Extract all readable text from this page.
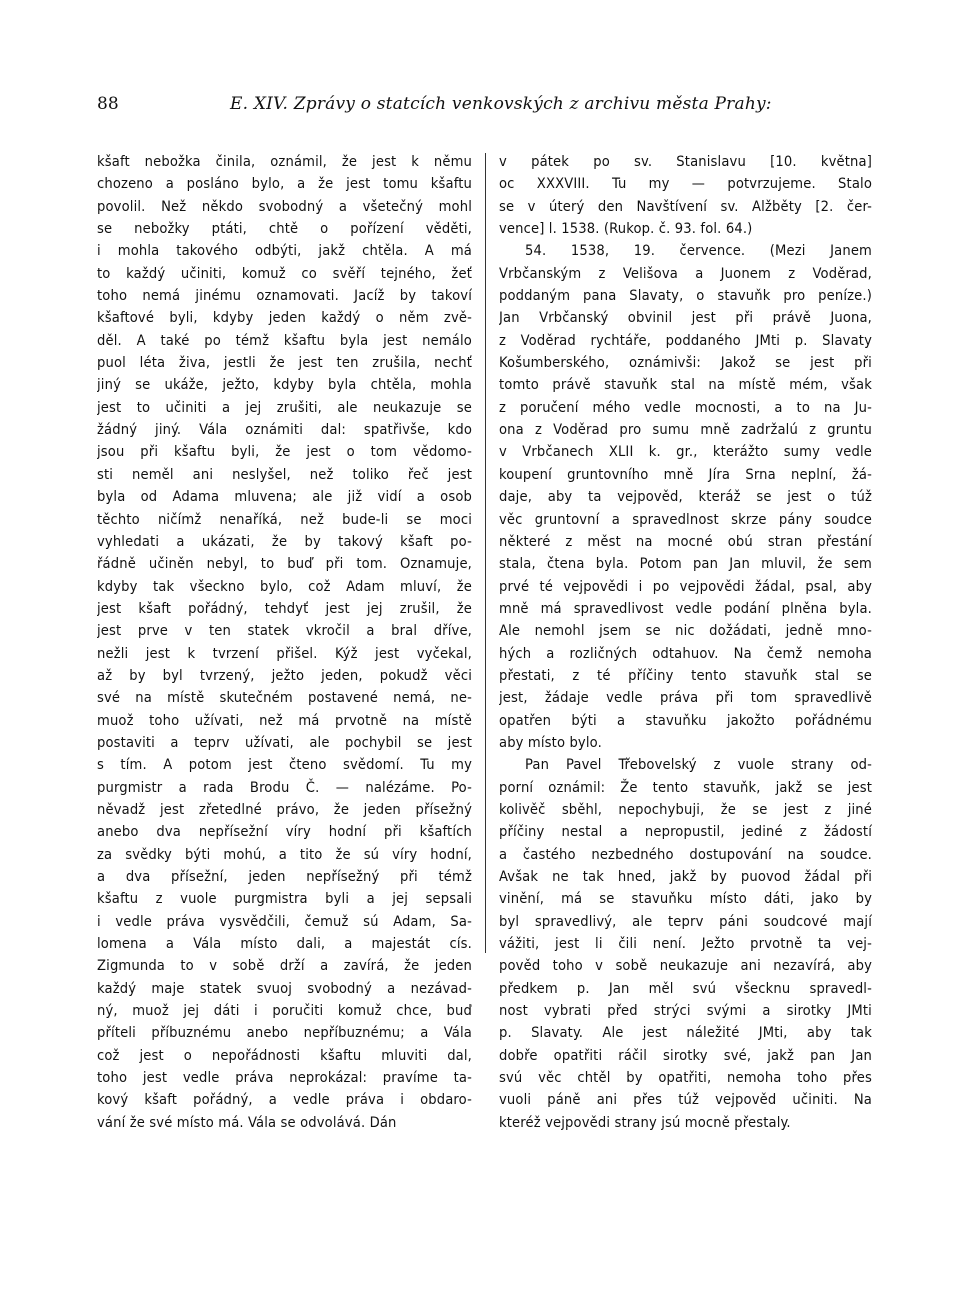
88	E. XIV. Zprávy o statcích venkovských z archivu města Prahy:
kšaft nebožka činila, oznámil, že jest k němu
chozeno a posláno bylo, a že jest tomu kšaftu
povolil. Než někdo svobodný a všetečný mohl
se nebožky ptáti, chtě o pořízení věděti,
i mohla takového odbýti, jakž chtěla. A má
to každý učiniti, komuž co svěří tejného, žeť
toho nemá jinému oznamovati. Jacíž by takoví
kšaftové byli, kdyby jeden každý o něm zvě-
děl. A také po témž kšaftu byla jest nemálo
puol léta živa, jestli že jest ten zrušila, nechť
jiný se ukáže, ježto, kdyby byla chtěla, mohla
jest to učiniti a jej zrušiti, ale neukazuje se
žádný jiný. Vála oznámiti dal: spatřivše, kdo
jsou při kšaftu byli, že jest o tom vědomo-
sti neměl ani neslyšel, než toliko řeč jest
byla od Adama mluvena; ale již vidí a osob
těchto ničímž nenaříká, než bude-li se moci
vyhledati a ukázati, že by takový kšaft po-
řádně učiněn nebyl, to buď při tom. Oznamuje,
kdyby tak všeckno bylo, což Adam mluví, že
jest kšaft pořádný, tehdyť jest jej zrušil, že
jest prve v ten statek vkročil a bral dříve,
nežli jest k tvrzení přišel. Kýž jest vyčekal,
až by byl tvrzený, ježto jeden, pokudž věci
své na místě skutečném postavené nemá, ne-
muož toho užívati, než má prvotně na místě
postaviti a teprv užívati, ale pochybil se jest
s tím. A potom jest čteno svědomí. Tu my
purgmistr a rada Brodu Č. — nalézáme. Po-
něvadž jest zřetedlné právo, že jeden přísežný
anebo dva nepřísežní víry hodní při kšaftích
za svědky býti mohú, a tito že sú víry hodní,
a dva přísežní, jeden nepřísežný při témž
kšaftu z vuole purgmistra byli a jej sepsali
i vedle práva vysvědčili, čemuž sú Adam, Sa-
lomena a Vála místo dali, a majestát cís.
Zigmunda to v sobě drží a zavírá, že jeden
každý maje statek svuoj svobodný a nezávad-
ný, muož jej dáti i poručiti komuž chce, buď
příteli příbuznému anebo nepříbuznému; a Vála
což jest o nepořádnosti kšaftu mluviti dal,
toho jest vedle práva neprokázal: pravíme ta-
kový kšaft pořádný, a vedle práva i obdaro-
vání že své místo má. Vála se odvolává. Dán
v pátek po sv. Stanislavu [10. května]
oc XXXVIII. Tu my — potvrzujeme. Stalo
se v úterý den Navštívení sv. Alžběty [2. čer-
vence] l. 1538. (Rukop. č. 93. fol. 64.)
54. 1538, 19. července. (Mezi Janem
Vrbčanským z Velišova a Juonem z Voděrad,
poddaným pana Slavaty, o stavuňk pro peníze.)
Jan Vrbčanský obvinil jest při právě Juona,
z Voděrad rychtáře, poddaného JMti p. Slavaty
Košumberského, oznámivši: Jakož se jest při
tomto právě stavuňk stal na místě mém, však
z poručení mého vedle mocnosti, a to na Ju-
ona z Voděrad pro sumu mně zadržalú z gruntu
v Vrbčanech XLII k. gr., kterážto sumy vedle
koupení gruntovního mně Jíra Srna neplní, žá-
daje, aby ta vejpověd, kteráž se jest o túž
věc gruntovní a spravedlnost skrze pány soudce
některé z měst na mocné obú stran přestání
stala, čtena byla. Potom pan Jan mluvil, že sem
prvé té vejpovědi i po vejpovědi žádal, psal, aby
mně má spravedlivost vedle podání plněna byla.
Ale nemohl jsem se nic dožádati, jedně mno-
hých a rozličných odtahuov. Na čemž nemoha
přestati, z té příčiny tento stavuňk stal se
jest, žádaje vedle práva při tom spravedlivě
opatřen býti a stavuňku jakožto pořádnému
aby místo bylo.
Pan Pavel Třebovelský z vuole strany od-
porní oznámil: Že tento stavuňk, jakž se jest
kolivěč sběhl, nepochybuji, že se jest z jiné
příčiny nestal a nepropustil, jediné z žádostí
a častého nezbedného dostupování na soudce.
Avšak ne tak hned, jakž by puovod žádal při
vinění, má se stavuňku místo dáti, jako by
byl spravedlivý, ale teprv páni soudcové mají
vážiti, jest li čili není. Ježto prvotně ta vej-
pověd toho v sobě neukazuje ani nezavírá, aby
předkem p. Jan měl svú všecknu spravedl-
nost vybrati před strýci svými a sirotky JMti
p. Slavaty. Ale jest náležité JMti, aby tak
dobře opatřiti ráčil sirotky své, jakž pan Jan
svú věc chtěl by opatřiti, nemoha toho přes
vuoli páně ani přes túž vejpověd učiniti. Na
kteréž vejpovědi strany jsú mocně přestaly.
